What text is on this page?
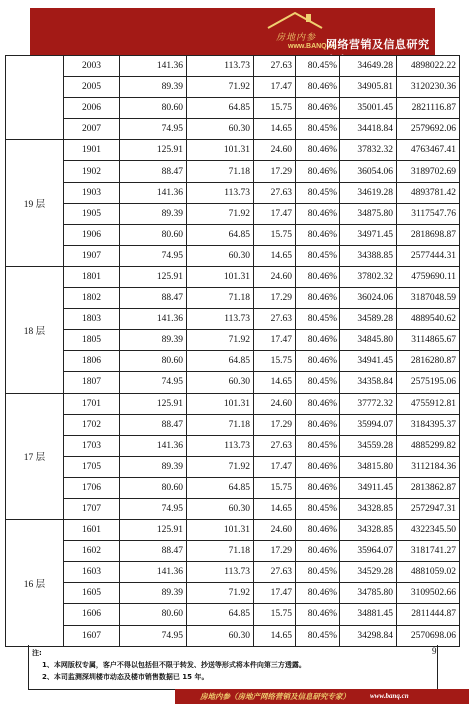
房地内参
www.BANQ.cn
网络营销及信息研究专家
	2003	141.36	113.73	27.63	80.45%	34649.28	4898022.22
	2005	89.39	71.92	17.47	80.46%	34905.81	3120230.36
	2006	80.60	64.85	15.75	80.46%	35001.45	2821116.87
	2007	74.95	60.30	14.65	80.45%	34418.84	2579692.06
19 层	1901	125.91	101.31	24.60	80.46%	37832.32	4763467.41
	1902	88.47	71.18	17.29	80.46%	36054.06	3189702.69
	1903	141.36	113.73	27.63	80.45%	34619.28	4893781.42
	1905	89.39	71.92	17.47	80.46%	34875.80	3117547.76
	1906	80.60	64.85	15.75	80.46%	34971.45	2818698.87
	1907	74.95	60.30	14.65	80.45%	34388.85	2577444.31
18 层	1801	125.91	101.31	24.60	80.46%	37802.32	4759690.11
	1802	88.47	71.18	17.29	80.46%	36024.06	3187048.59
	1803	141.36	113.73	27.63	80.45%	34589.28	4889540.62
	1805	89.39	71.92	17.47	80.46%	34845.80	3114865.67
	1806	80.60	64.85	15.75	80.46%	34941.45	2816280.87
	1807	74.95	60.30	14.65	80.45%	34358.84	2575195.06
17 层	1701	125.91	101.31	24.60	80.46%	37772.32	4755912.81
	1702	88.47	71.18	17.29	80.46%	35994.07	3184395.37
	1703	141.36	113.73	27.63	80.45%	34559.28	4885299.82
	1705	89.39	71.92	17.47	80.46%	34815.80	3112184.36
	1706	80.60	64.85	15.75	80.46%	34911.45	2813862.87
	1707	74.95	60.30	14.65	80.45%	34328.85	2572947.31
16 层	1601	125.91	101.31	24.60	80.46%	34328.85	4322345.50
	1602	88.47	71.18	17.29	80.46%	35964.07	3181741.27
	1603	141.36	113.73	27.63	80.45%	34529.28	4881059.02
	1605	89.39	71.92	17.47	80.46%	34785.80	3109502.66
	1606	80.60	64.85	15.75	80.46%	34881.45	2811444.87
	1607	74.95	60.30	14.65	80.45%	34298.84	2570698.06
注:
1、本网版权专属，客户不得以包括但不限于转发、抄送等形式将本件向第三方透露。
2、本司监测深圳楼市动态及楼市销售数据已 15 年。
9
房地内参（房地产网络营销及信息研究专家）	www.banq.cn
